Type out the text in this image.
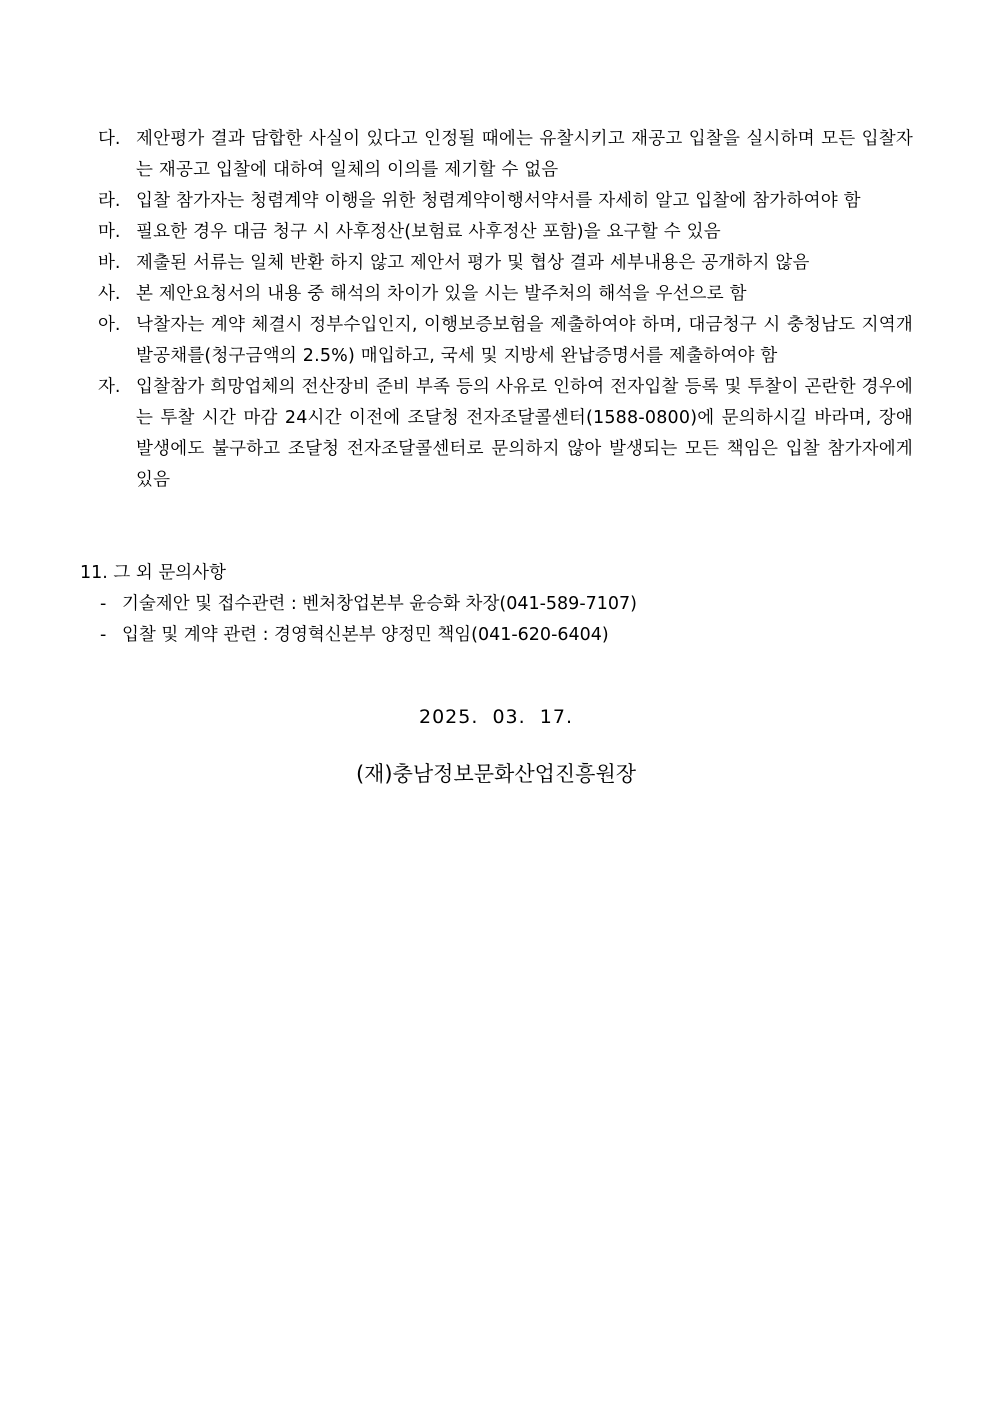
다. 제안평가 결과 담합한 사실이 있다고 인정될 때에는 유찰시키고 재공고 입찰을 실시하며 모든 입찰자는 재공고 입찰에 대하여 일체의 이의를 제기할 수 없음
라. 입찰 참가자는 청렴계약 이행을 위한 청렴계약이행서약서를 자세히 알고 입찰에 참가하여야 함
마. 필요한 경우 대금 청구 시 사후정산(보험료 사후정산 포함)을 요구할 수 있음
바. 제출된 서류는 일체 반환 하지 않고 제안서 평가 및 협상 결과 세부내용은 공개하지 않음
사. 본 제안요청서의 내용 중 해석의 차이가 있을 시는 발주처의 해석을 우선으로 함
아. 낙찰자는 계약 체결시 정부수입인지, 이행보증보험을 제출하여야 하며, 대금청구 시 충청남도 지역개발공채를(청구금액의 2.5%) 매입하고, 국세 및 지방세 완납증명서를 제출하여야 함
자. 입찰참가 희망업체의 전산장비 준비 부족 등의 사유로 인하여 전자입찰 등록 및 투찰이 곤란한 경우에는 투찰 시간 마감 24시간 이전에 조달청 전자조달콜센터(1588-0800)에 문의하시길 바라며, 장애발생에도 불구하고 조달청 전자조달콜센터로 문의하지 않아 발생되는 모든 책임은 입찰 참가자에게 있음
11. 그 외 문의사항
- 기술제안 및 접수관련 : 벤처창업본부 윤승화 차장(041-589-7107)
- 입찰 및 계약 관련 : 경영혁신본부 양정민 책임(041-620-6404)
2025.  03.  17.
(재)충남정보문화산업진흥원장
